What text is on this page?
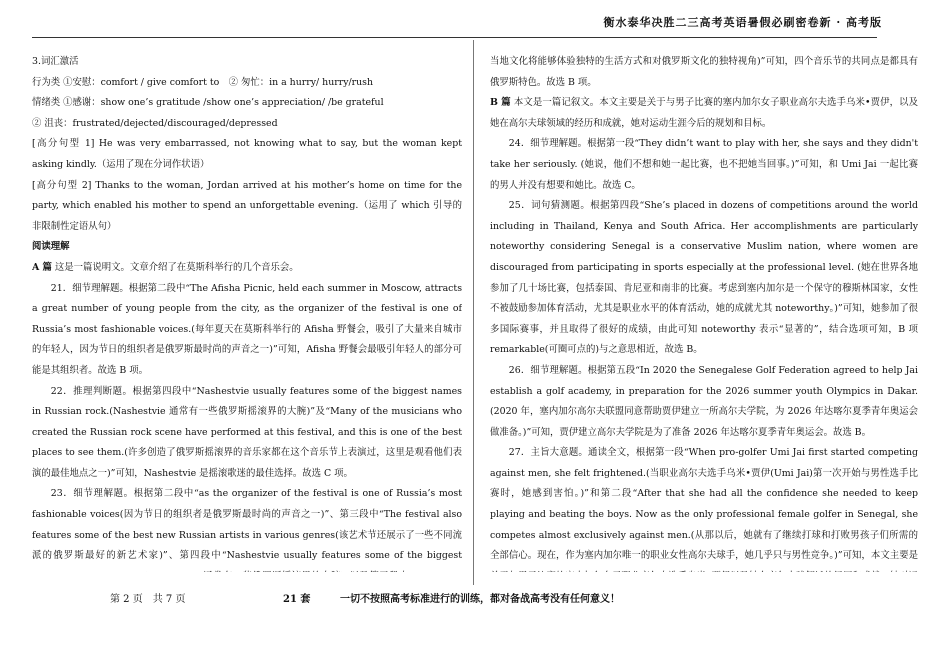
衡水泰华决胜二三高考英语暑假必刷密卷新 · 高考版

3.词汇激活

行为类 ①安慰：comfort / give comfort to　② 匆忙：in a hurry/ hurry/rush

情绪类 ①感谢：show one’s gratitude /show one’s appreciation/ /be grateful

② 沮丧：frustrated/dejected/discouraged/depressed

[高分句型 1] He was very embarrassed, not knowing what to say, but the woman kept asking kindly.（运用了现在分词作状语）

[高分句型 2] Thanks to the woman, Jordan arrived at his mother’s home on time for the party, which enabled his mother to spend an unforgettable evening.（运用了 which 引导的非限制性定语从句）

阅读理解

A 篇 这是一篇说明文。文章介绍了在莫斯科举行的几个音乐会。

21．细节理解题。根据第二段中“The Afisha Picnic, held each summer in Moscow, attracts a great number of young people from the city, as the organizer of the festival is one of Russia’s most fashionable voices.(每年夏天在莫斯科举行的 Afisha 野餐会，吸引了大量来自城市的年轻人，因为节日的组织者是俄罗斯最时尚的声音之一)”可知，Afisha 野餐会最吸引年轻人的部分可能是其组织者。故选 B 项。

22．推理判断题。根据第四段中“Nashestvie usually features some of the biggest names in Russian rock.(Nashestvie 通常有一些俄罗斯摇滚界的大腕)”及“Many of the musicians who created the Russian rock scene have performed at this festival, and this is one of the best places to see them.(许多创造了俄罗斯摇滚界的音乐家都在这个音乐节上表演过，这里是观看他们表演的最佳地点之一)”可知，Nashestvie 是摇滚歌迷的最佳选择。故选 C 项。

23．细节理解题。根据第二段中“as the organizer of the festival is one of Russia’s most fashionable voices(因为节日的组织者是俄罗斯最时尚的声音之一)”、第三段中“The festival also features some of the best new Russian artists in various genres(该艺术节还展示了一些不同流派的俄罗斯最好的新艺术家)”、第四段中“Nashestvie usually features some of the biggest

当地文化将能够体验独特的生活方式和对俄罗斯文化的独特视角)”可知，四个音乐节的共同点是都具有俄罗斯特色。故选 B 项。

B 篇 本文是一篇记叙文。本文主要是关于与男子比赛的塞内加尔女子职业高尔夫选手乌米•贾伊，以及她在高尔夫球领域的经历和成就，她对运动生涯今后的规划和目标。

24．细节理解题。根据第一段“They didn’t want to play with her, she says and they didn't take her seriously. (她说，他们不想和她一起比赛，也不把她当回事。)”可知，和 Umi Jai 一起比赛的男人并没有想要和她比。故选 C。

25．词句猜测题。根据第四段“She’s placed in dozens of competitions around the world including in Thailand, Kenya and South Africa. Her accomplishments are particularly noteworthy considering Senegal is a conservative Muslim nation, where women are discouraged from participating in sports especially at the professional level. (她在世界各地参加了几十场比赛，包括泰国、肯尼亚和南非的比赛。考虑到塞内加尔是一个保守的穆斯林国家，女性不被鼓励参加体育活动，尤其是职业水平的体育活动，她的成就尤其 noteworthy。)”可知，她参加了很多国际赛事，并且取得了很好的成绩，由此可知 noteworthy 表示“显著的”，结合选项可知，B 项 remarkable(可圈可点的)与之意思相近，故选 B。

26．细节理解题。根据第五段“In 2020 the Senegalese Golf Federation agreed to help Jai establish a golf academy, in preparation for the 2026 summer youth Olympics in Dakar. (2020 年，塞内加尔高尔夫联盟同意帮助贾伊建立一所高尔夫学院，为 2026 年达喀尔夏季青年奥运会做准备。)”可知，贾伊建立高尔夫学院是为了准备 2026 年达喀尔夏季青年奥运会。故选 B。

27．主旨大意题。通读全文，根据第一段“When pro-golfer Umi Jai first started competing against men, she felt frightened.(当职业高尔夫选手乌米•贾伊(Umi Jai)第一次开始与男性选手比赛时，她感到害怕。)”和第二段“After that she had all the confidence she needed to keep playing and beating the boys. Now as the only professional female golfer in Senegal, she competes almost exclusively against men.(从那以后，她就有了继续打球和打败男孩子们所需的全部信心。现在，作为塞内加尔唯一的职业女性高尔夫球手，她几乎只与男性竞争。)”可知，本文主要是

第 2 页　共 7 页	21 套	一切不按照高考标准进行的训练，都对备战高考没有任何意义！
